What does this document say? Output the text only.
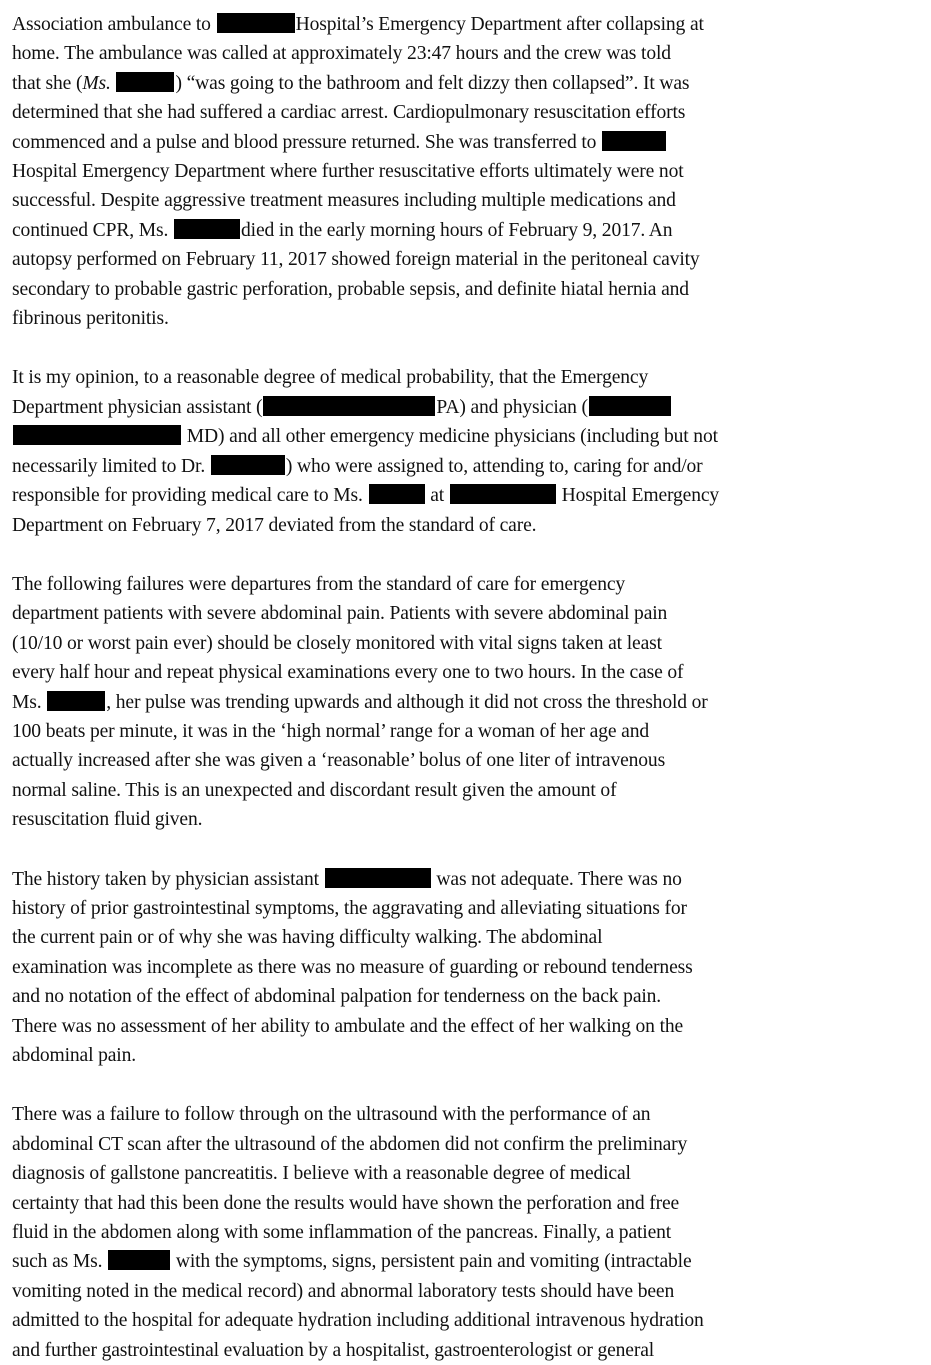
Association ambulance to	Hospital’s Emergency Department after collapsing at
home. The ambulance was called at approximately 23:47 hours and the crew was told
that she (Ms.	) “was going to the bathroom and felt dizzy then collapsed”. It was
determined that she had suffered a cardiac arrest. Cardiopulmonary resuscitation efforts
commenced and a pulse and blood pressure returned. She was transferred to
Hospital Emergency Department where further resuscitative efforts ultimately were not
successful. Despite aggressive treatment measures including multiple medications and
continued CPR, Ms.	died in the early morning hours of February 9, 2017. An
autopsy performed on February 11, 2017 showed foreign material in the peritoneal cavity
secondary to probable gastric perforation, probable sepsis, and definite hiatal hernia and
fibrinous peritonitis.

It is my opinion, to a reasonable degree of medical probability, that the Emergency
Department physician assistant (	PA) and physician (
MD) and all other emergency medicine physicians (including but not
necessarily limited to Dr.	) who were assigned to, attending to, caring for and/or
responsible for providing medical care to Ms.	at	Hospital Emergency
Department on February 7, 2017 deviated from the standard of care.

The following failures were departures from the standard of care for emergency
department patients with severe abdominal pain. Patients with severe abdominal pain
(10/10 or worst pain ever) should be closely monitored with vital signs taken at least
every half hour and repeat physical examinations every one to two hours. In the case of
Ms.	, her pulse was trending upwards and although it did not cross the threshold or
100 beats per minute, it was in the ‘high normal’ range for a woman of her age and
actually increased after she was given a ‘reasonable’ bolus of one liter of intravenous
normal saline. This is an unexpected and discordant result given the amount of
resuscitation fluid given.

The history taken by physician assistant	was not adequate. There was no
history of prior gastrointestinal symptoms, the aggravating and alleviating situations for
the current pain or of why she was having difficulty walking. The abdominal
examination was incomplete as there was no measure of guarding or rebound tenderness
and no notation of the effect of abdominal palpation for tenderness on the back pain.
There was no assessment of her ability to ambulate and the effect of her walking on the
abdominal pain.

There was a failure to follow through on the ultrasound with the performance of an
abdominal CT scan after the ultrasound of the abdomen did not confirm the preliminary
diagnosis of gallstone pancreatitis. I believe with a reasonable degree of medical
certainty that had this been done the results would have shown the perforation and free
fluid in the abdomen along with some inflammation of the pancreas. Finally, a patient
such as Ms.	with the symptoms, signs, persistent pain and vomiting (intractable
vomiting noted in the medical record) and abnormal laboratory tests should have been
admitted to the hospital for adequate hydration including additional intravenous hydration
and further gastrointestinal evaluation by a hospitalist, gastroenterologist or general
